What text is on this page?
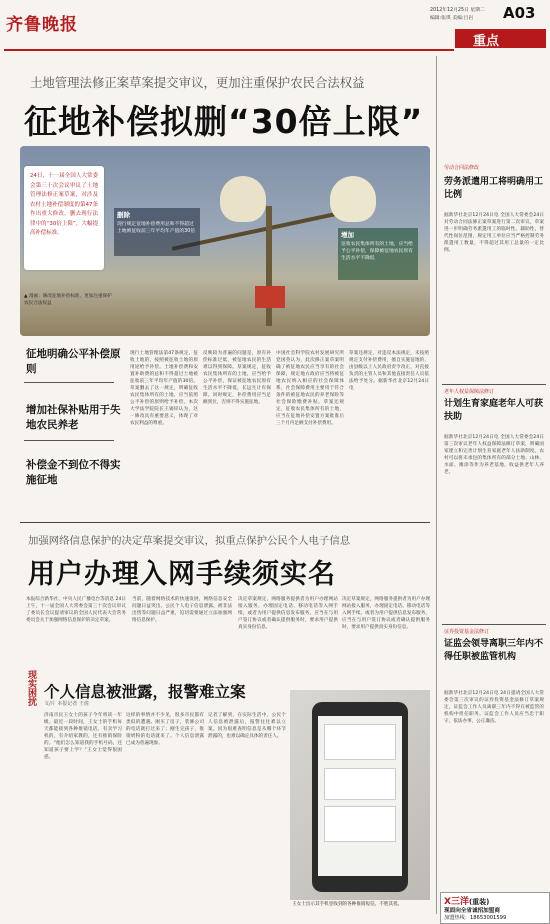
齐鲁晚报
2012年12月25日 星期二
编辑:张琪 美编:吕岩 A03
重点
土地管理法修正案草案提交审议，更加注重保护农民合法权益
征地补偿拟删“30倍上限”
删除
现行规定征地补偿费用总和不得超过土地被征收前三年平均年产值的30倍	增加
征收农民集体所有的土地，应当给予公平补偿，保障被征地农民原有生活水平不降低
24日，十一届全国人大常委会第三十次会议审议了土地管理法修正案草案，对涉及农村土地补偿制度的第47条作出重大修改，删去现行法律中的“30倍上限”，大幅提高补偿标准。
▲ 漫画：修改征地补偿标准，更加注重保护农民合法权益
征地明确公平补偿原则
增加社保补贴用于失地农民养老
补偿金不到位不得实施征地
现行土地管理法第47条规定，征收土地的，按照被征收土地的原用途给予补偿。土地补偿费和安置补助费的总和不得超过土地被征收前三年平均年产值的30倍。草案删去了这一规定，明确征收农民集体所有的土地，应当依照公平补偿的原则给予补偿。本次大学法学院院长王锡锌认为，这一修改具有重要意义，体现了对农民利益的尊重。
反映较为普遍的问题是，原有补偿标准过低，被征地农民的生活难以得到保障。草案规定，征收农民集体所有的土地，应当给予公平补偿，保证被征地农民原有生活水平不降低，长远生计有保障。同时规定，补偿费用应当足额到位，否则不得实施征地。
中国社会科学院农村发展研究所党国英认为，此次修正案草案明确了被征地农民应当享有的社会保障，规定地方政府应当将被征地农民纳入相应的社会保障体系，社会保障费用主要用于符合条件的被征地农民的养老保险等社会保险缴费补贴。草案还规定，征收农民集体所有的土地，应当在征地补偿安置方案批准后三个月内足额支付补偿费用。
草案还规定，对违反本法规定，未按照规定支付补偿费用，擅自实施征地的，由县级以上人民政府责令改正，对直接负责的主管人员和其他直接责任人员依法给予处分。据新华社北京12月24日电
加强网络信息保护的决定草案提交审议，拟重点保护公民个人电子信息
用户办理入网手续须实名
本报综合新华社、中央人民广播电台等消息 24日上午，十一届全国人大常委会第三十次会议审议了委员长会议提请审议的全国人民代表大会常务委员会关于加强网络信息保护的决定草案。
当前，随着网络技术的快速发展，网络信息安全问题日益突出。公民个人电子信息泄露、被非法出售等问题日益严重，迫切需要通过立法加强网络信息保护。
决定草案规定，网络服务提供者为用户办理网站接入服务，办理固定电话、移动电话等入网手续，或者为用户提供信息发布服务，应当在与用户签订协议或者确认提供服务时，要求用户提供真实身份信息。
决定草案规定，网络服务提供者为用户办理网站接入服务，办理固定电话、移动电话等入网手续，或者为用户提供信息发布服务，应当在与用户签订协议或者确认提供服务时，要求用户提供真实身份信息。
现实困扰 个人信息被泄露，报警难立案
文/片 本报记者 王倩
济南市民王女士的孩子今年将读一年级。最近一段时间，王女士的手机每天都能接到各种推销电话，有卖学习机的，有介绍家教的，还有推销保险的。“他们怎么知道我的手机号码，还知道孩子要上学？”王女士觉得很困惑。
这样的事情并不少见，很多市民都有类似的遭遇。刚买了房子，装修公司的电话就打过来了；刚生完孩子，推销奶粉的电话就来了。个人信息泄露已成为普遍现象。
记者了解到，在实际生活中，公民个人信息被泄露后，报警往往难以立案。因为很难查明信息是从哪个环节泄露的，也难以确定具体的责任人。
王女士出示其手机里收到的各种推销短信，不胜其扰。
劳动合同法修改
劳务派遣用工将明确用工比例
据新华社北京12月24日电 全国人大常委会24日对劳动合同法修正案草案进行第二次审议，草案进一步明确劳务派遣用工的临时性、辅助性、替代性岗位范围，规定用工单位应当严格控制劳务派遣用工数量，不得超过其用工总量的一定比例。
老年人权益保障法修订
计划生育家庭老年人可获扶助
据新华社北京12月24日电 全国人大常委会24日第三次审议老年人权益保障法修订草案，明确国家建立和完善计划生育家庭老年人扶助制度。农村可以将未承包的集体所有的部分土地、山林、水面、滩涂等作为养老基地，收益供老年人养老。
证券投资基金法修订
证监会领导离职三年内不得任职被监管机构
据新华社北京12月24日电 24日提请全国人大常委会第三次审议的证券投资基金法修订草案规定，证监会工作人员离职三年内不得在被监管的机构中担任职务。证监会工作人员应当忠于职守，依法办事，公正廉洁。
X三洋(重装)
现面向全省诚招加盟商
加盟热线：18653001599
